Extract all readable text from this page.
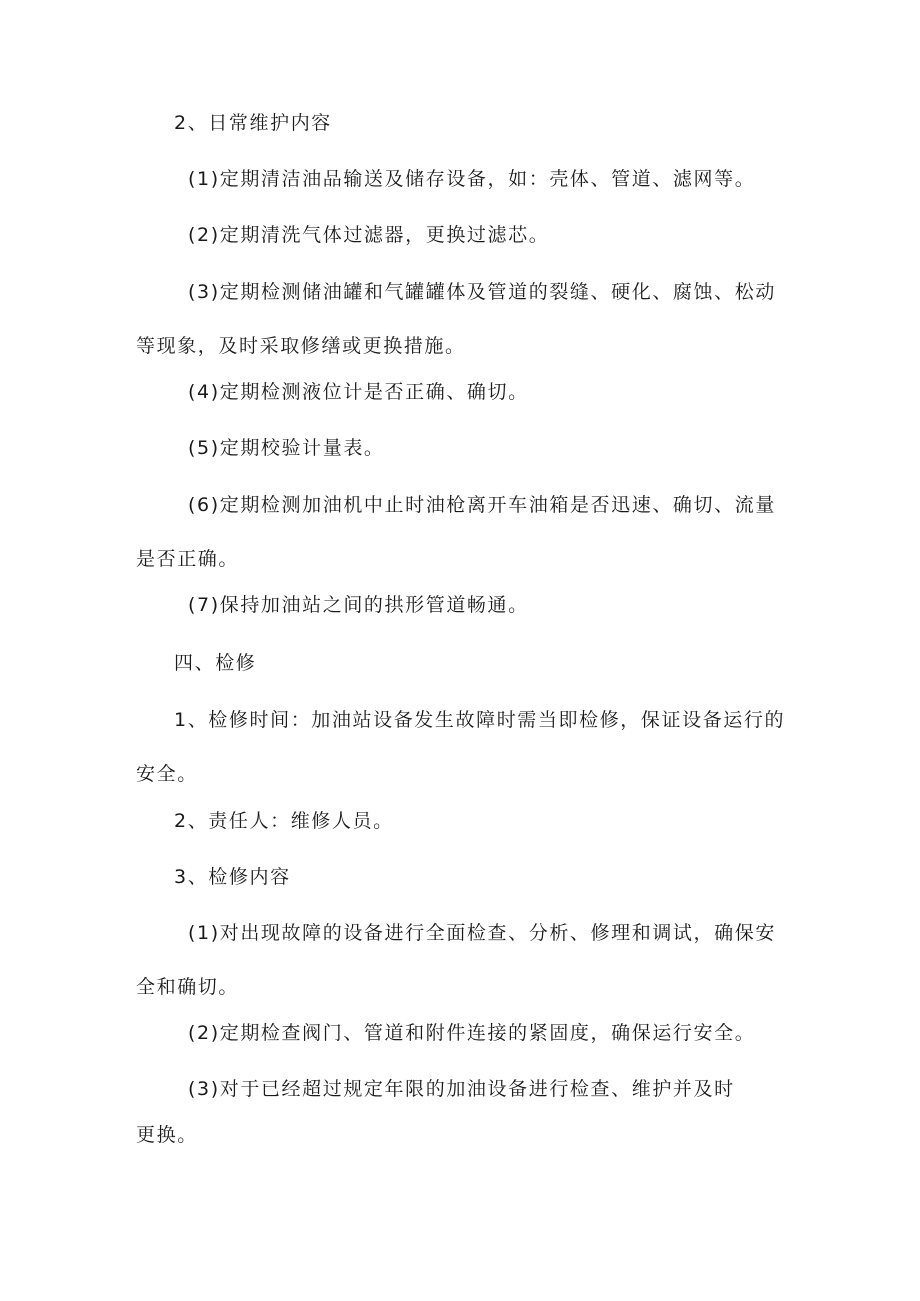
2、日常维护内容

(1)定期清洁油品输送及储存设备，如：壳体、管道、滤网等。

(2)定期清洗气体过滤器，更换过滤芯。

(3)定期检测储油罐和气罐罐体及管道的裂缝、硬化、腐蚀、松动等现象，及时采取修缮或更换措施。

(4)定期检测液位计是否正确、确切。

(5)定期校验计量表。

(6)定期检测加油机中止时油枪离开车油箱是否迅速、确切、流量是否正确。

(7)保持加油站之间的拱形管道畅通。

四、检修

1、检修时间：加油站设备发生故障时需当即检修，保证设备运行的安全。

2、责任人：维修人员。

3、检修内容

(1)对出现故障的设备进行全面检查、分析、修理和调试，确保安全和确切。

(2)定期检查阀门、管道和附件连接的紧固度，确保运行安全。

(3)对于已经超过规定年限的加油设备进行检查、维护并及时

更换。
